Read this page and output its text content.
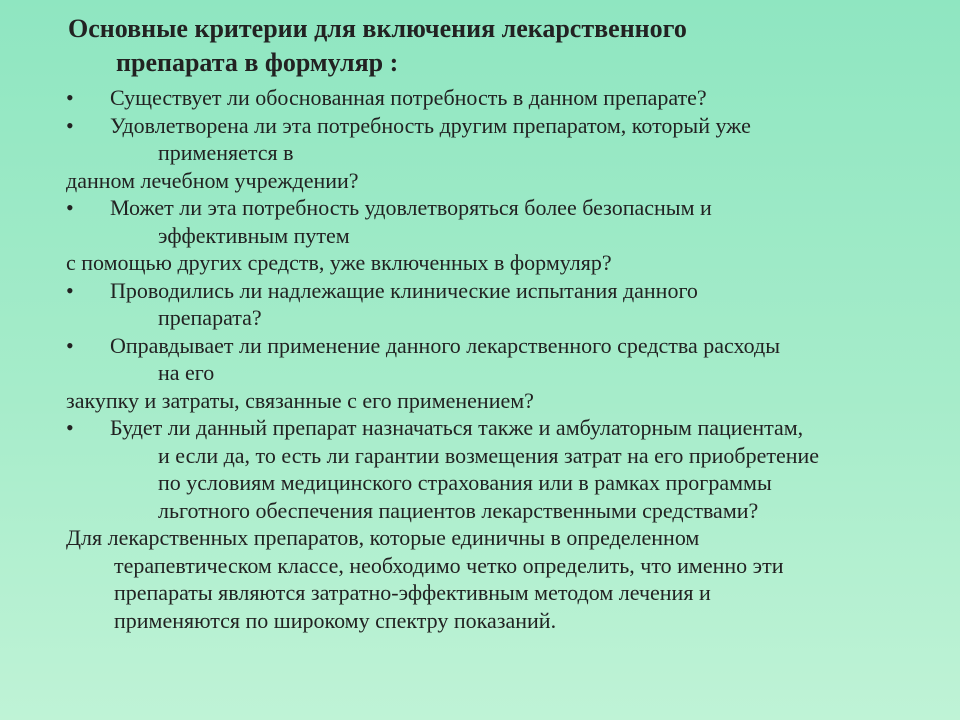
Основные критерии для включения лекарственного
препарата в формуляр :
• Существует ли обоснованная потребность в данном препарате?
• Удовлетворена ли эта потребность другим препаратом, который уже
применяется в
данном лечебном учреждении?
• Может ли эта потребность удовлетворяться более безопасным и
эффективным путем
с помощью других средств, уже включенных в формуляр?
• Проводились ли надлежащие клинические испытания данного
препарата?
• Оправдывает ли применение данного лекарственного средства расходы
на его
закупку и затраты, связанные с его применением?
• Будет ли данный препарат назначаться также и амбулаторным пациентам,
и если да, то есть ли гарантии возмещения затрат на его приобретение
по условиям медицинского страхования или в рамках программы
льготного обеспечения пациентов лекарственными средствами?
Для лекарственных препаратов, которые единичны в определенном
терапевтическом классе, необходимо четко определить, что именно эти
препараты являются затратно-эффективным методом лечения и
применяются по широкому спектру показаний.
